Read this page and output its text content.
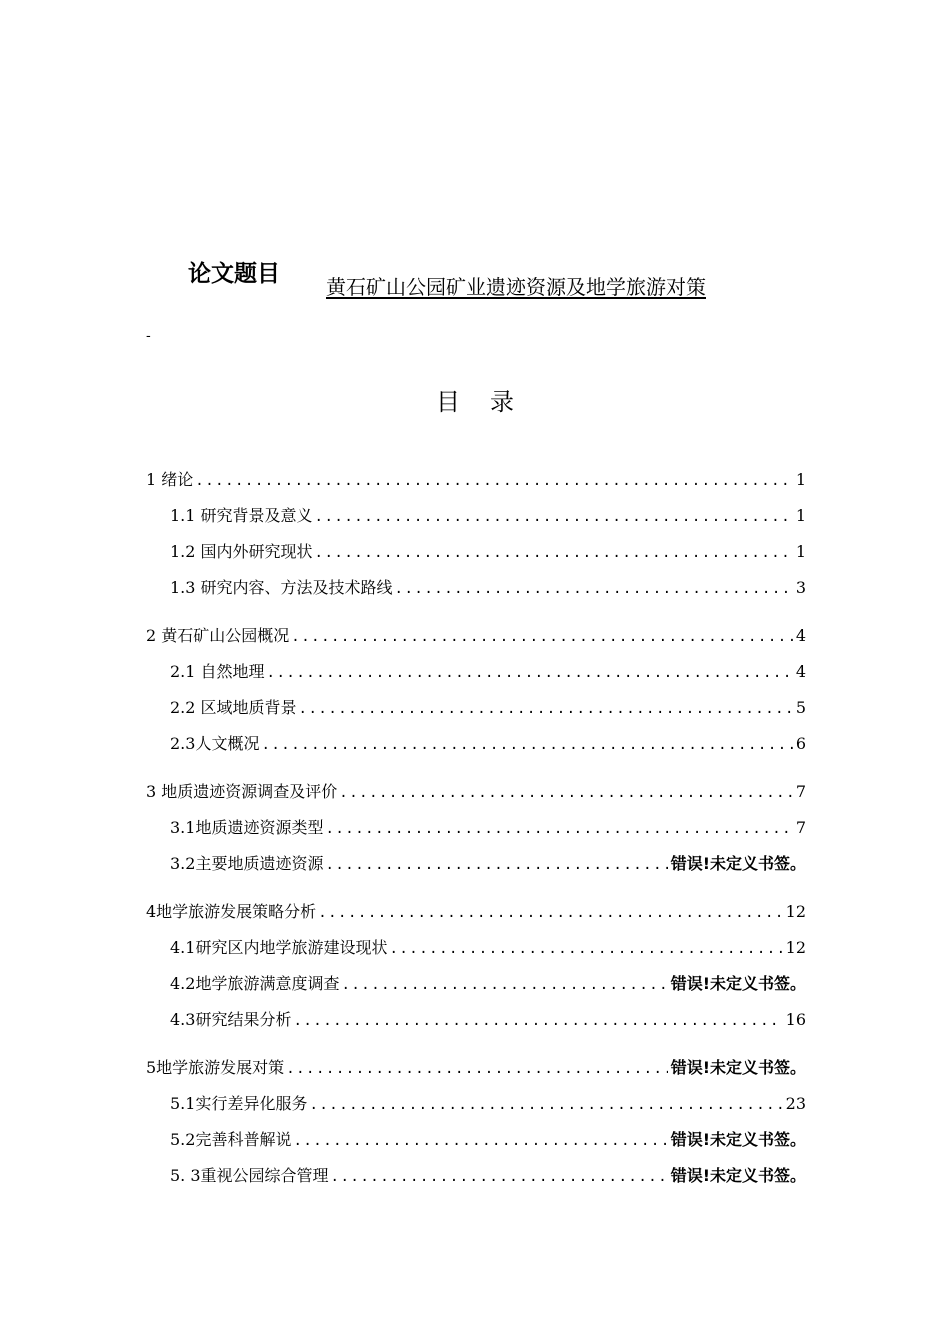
论文题目 黄石矿山公园矿业遗迹资源及地学旅游对策
-
目录
1 绪论 .....	1
1.1 研究背景及意义 .....	1
1.2 国内外研究现状 .....	1
1.3 研究内容、方法及技术路线 .....	3
2 黄石矿山公园概况 .....	4
2.1 自然地理 .....	4
2.2 区域地质背景 .....	5
2.3人文概况 .....	6
3 地质遗迹资源调查及评价 .....	7
3.1地质遗迹资源类型 .....	7
3.2主要地质遗迹资源 .....	错误!未定义书签。
4地学旅游发展策略分析 .....	12
4.1研究区内地学旅游建设现状 .....	12
4.2地学旅游满意度调查 .....	错误!未定义书签。
4.3研究结果分析 .....	16
5地学旅游发展对策 .....	错误!未定义书签。
5.1实行差异化服务 .....	23
5.2完善科普解说 .....	错误!未定义书签。
5. 3重视公园综合管理 .....	错误!未定义书签。
